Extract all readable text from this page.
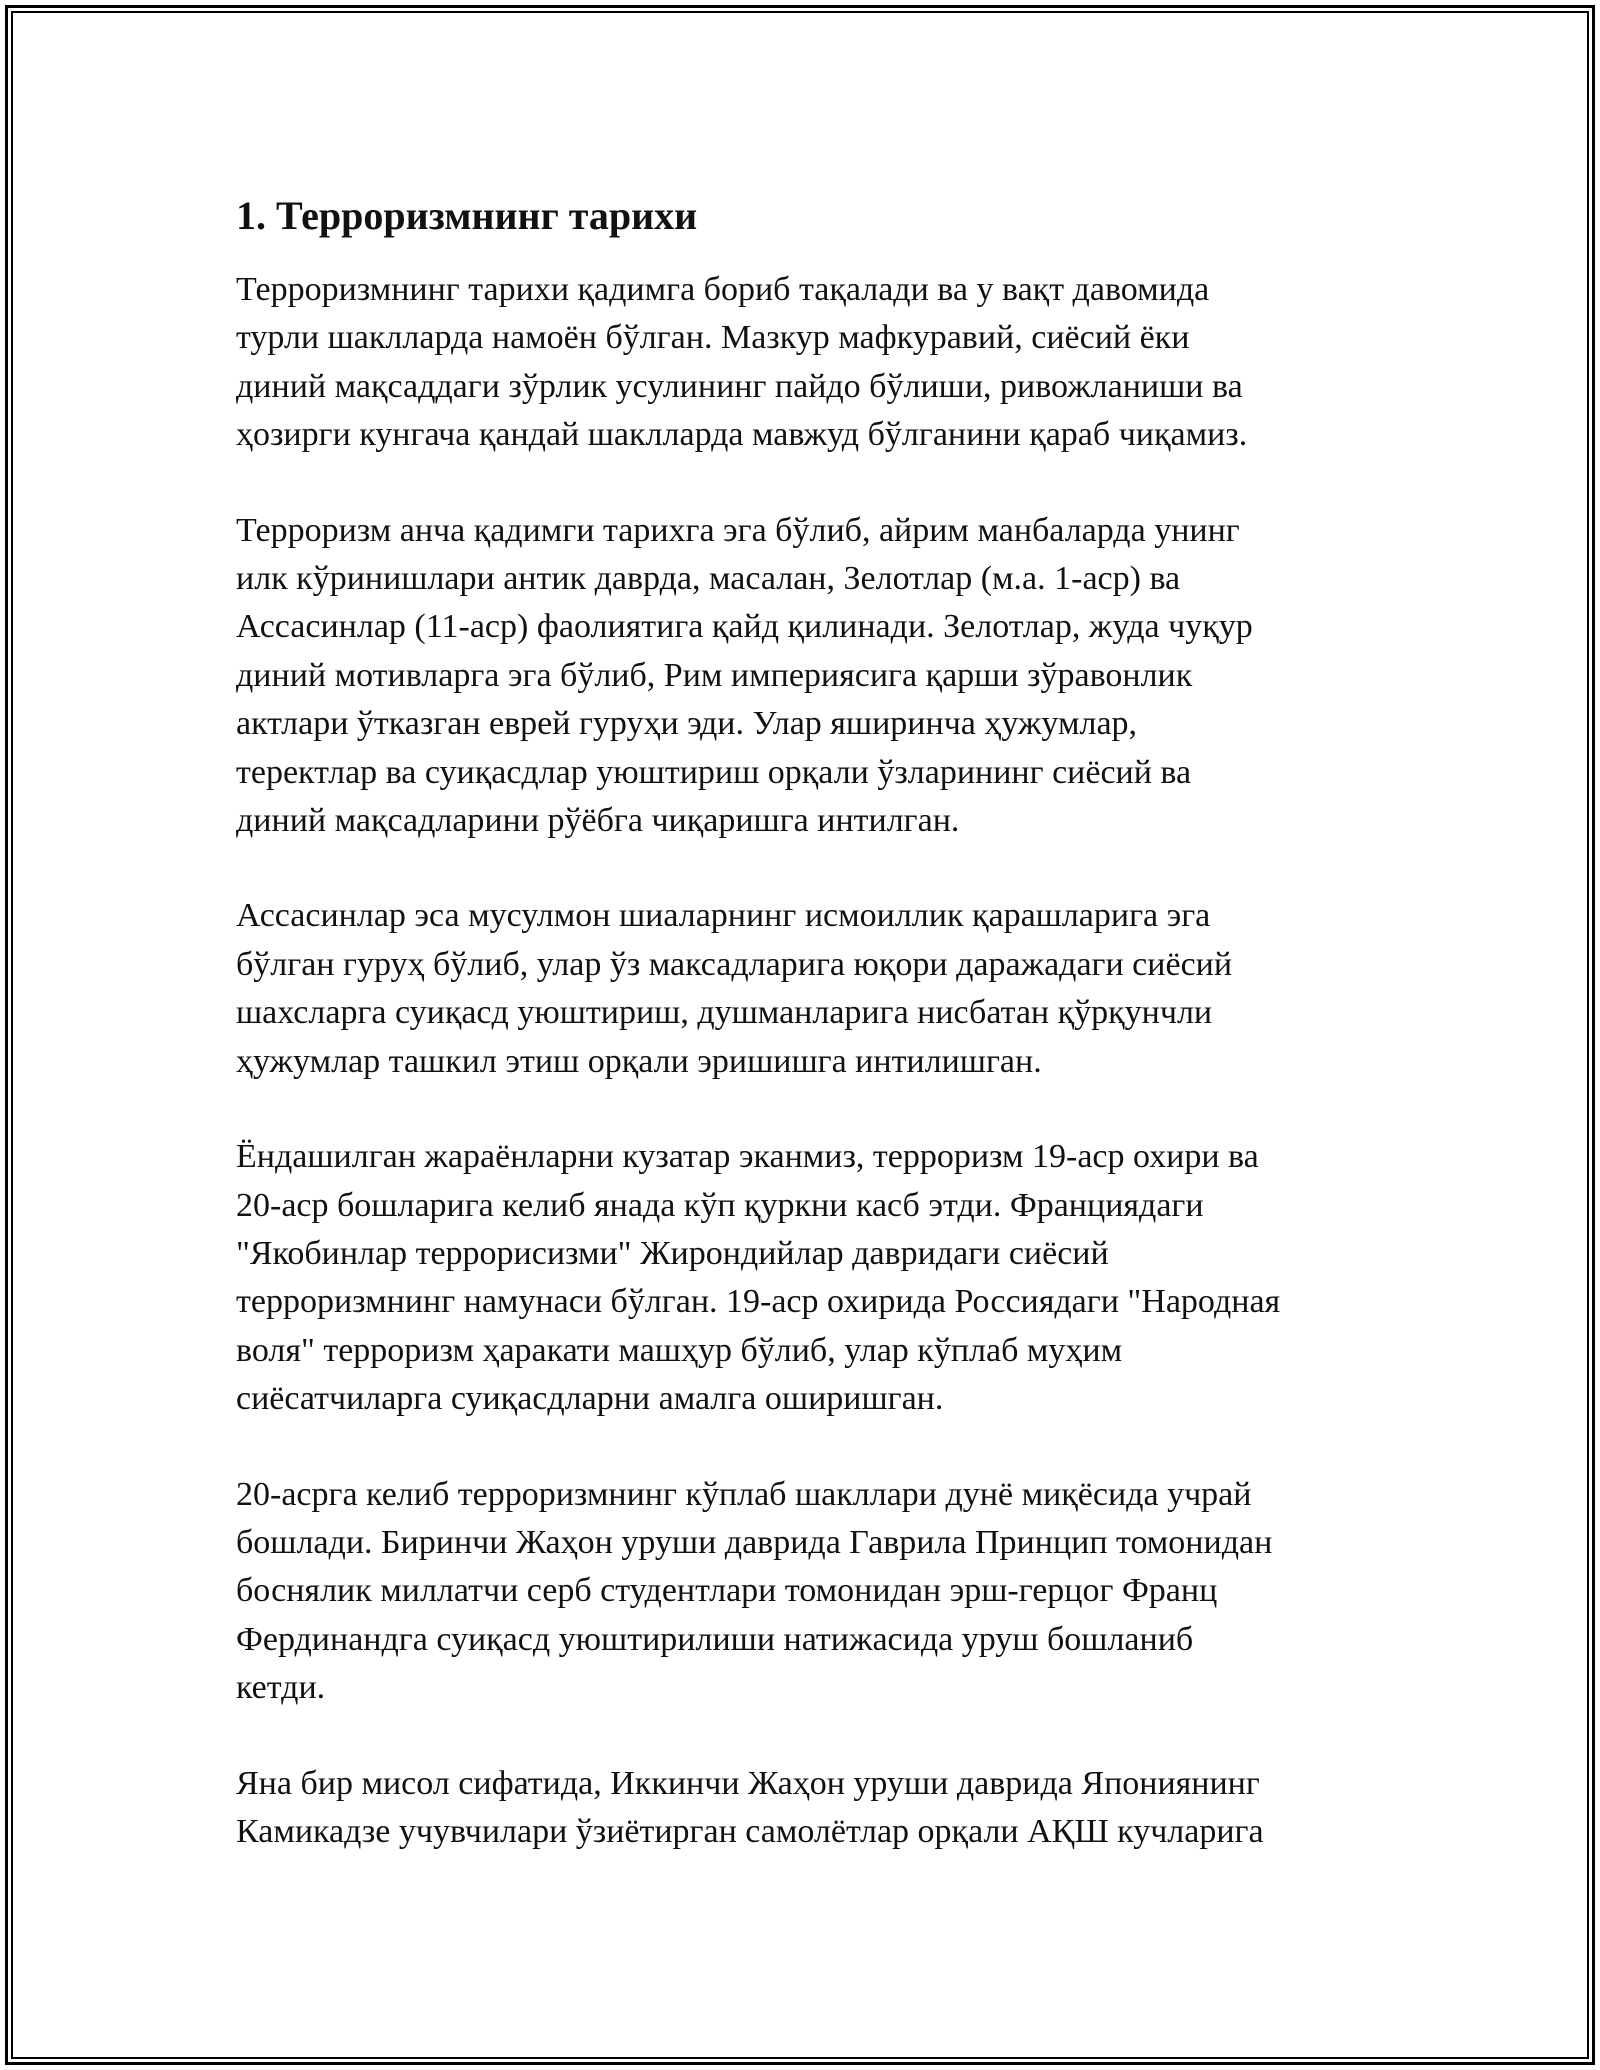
1. Терроризмнинг тарихи
Терроризмнинг тарихи қадимга бориб тақалади ва у вақт давомида
турли шаклларда намоён бўлган. Мазкур мафкуравий, сиёсий ёки
диний мақсаддаги зўрлик усулининг пайдо бўлиши, ривожланиши ва
ҳозирги кунгача қандай шаклларда мавжуд бўлганини қараб чиқамиз.
Терроризм анча қадимги тарихга эга бўлиб, айрим манбаларда унинг
илк кўринишлари антик даврда, масалан, Зелотлар (м.а. 1-аср) ва
Ассасинлар (11-аср) фаолиятига қайд қилинади. Зелотлар, жуда чуқур
диний мотивларга эга бўлиб, Рим империясига қарши зўравонлик
актлари ўтказган еврей гуруҳи эди. Улар яширинча ҳужумлар,
теректлар ва суиқасдлар уюштириш орқали ўзларининг сиёсий ва
диний мақсадларини рўёбга чиқаришга интилган.
Ассасинлар эса мусулмон шиаларнинг исмоиллик қарашларига эга
бўлган гуруҳ бўлиб, улар ўз максадларига юқори даражадаги сиёсий
шахсларга суиқасд уюштириш, душманларига нисбатан қўрқунчли
ҳужумлар ташкил этиш орқали эришишга интилишган.
Ёндашилган жараёнларни кузатар эканмиз, терроризм 19-аср охири ва
20-аср бошларига келиб янада кўп қуркни касб этди. Франциядаги
"Якобинлар террорисизми" Жирондийлар давридаги сиёсий
терроризмнинг намунаси бўлган. 19-аср охирида Россиядаги "Народная
воля" терроризм ҳаракати машҳур бўлиб, улар кўплаб муҳим
сиёсатчиларга суиқасдларни амалга оширишган.
20-асрга келиб терроризмнинг кўплаб шакллари дунё миқёсида учрай
бошлади. Биринчи Жаҳон уруши даврида Гаврила Принцип томонидан
боснялик миллатчи серб студентлари томонидан эрш-герцог Франц
Фердинандга суиқасд уюштирилиши натижасида уруш бошланиб
кетди.
Яна бир мисол сифатида, Иккинчи Жаҳон уруши даврида Япониянинг
Камикадзе учувчилари ўзиётирган самолётлар орқали АҚШ кучларига
